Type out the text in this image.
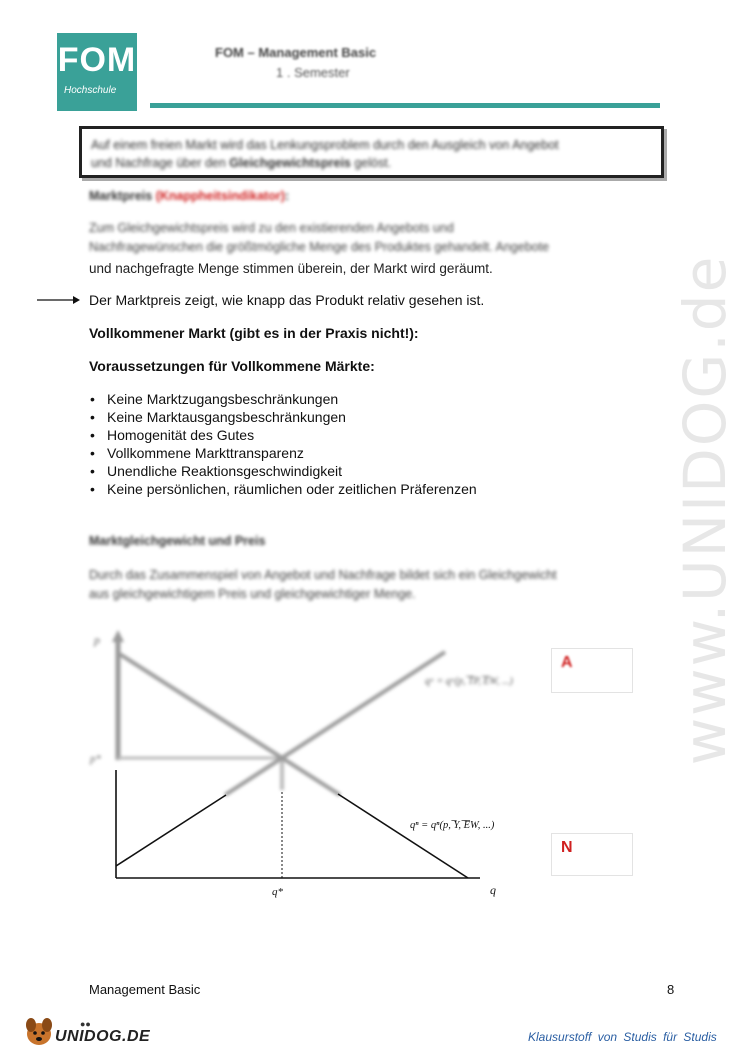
www.UNIDOG.de
FOM
Hochschule
FOM – Management Basic
1 . Semester
Auf einem freien Markt wird das Lenkungsproblem durch den Ausgleich von Angebot
und Nachfrage über den Gleichgewichtspreis gelöst.
Marktpreis (Knappheitsindikator):
Zum Gleichgewichtspreis wird zu den existierenden Angebots und
Nachfragewünschen die größtmögliche Menge des Produktes gehandelt. Angebote
und nachgefragte Menge stimmen überein, der Markt wird geräumt.
Der Marktpreis zeigt, wie knapp das Produkt relativ gesehen ist.
Vollkommener Markt (gibt es in der Praxis nicht!):
Voraussetzungen für Vollkommene Märkte:
• Keine Marktzugangsbeschränkungen
• Keine Marktausgangsbeschränkungen
• Homogenität des Gutes
• Vollkommene Markttransparenz
• Unendliche Reaktionsgeschwindigkeit
• Keine persönlichen, räumlichen oder zeitlichen Präferenzen
Marktgleichgewicht und Preis
Durch das Zusammenspiel von Angebot und Nachfrage bildet sich ein Gleichgewicht
aus gleichgewichtigem Preis und gleichgewichtiger Menge.
p
p*
qᵃ = qᵃ(p, ̅T̅P, ̅E̅W, ...)
q*	q
qⁿ = qⁿ(p, ̅Y, ̅E̅W, ...)
A
N
Management Basic	8
UNIDOG.DE
●●
Klausurstoff von Studis für Studis
